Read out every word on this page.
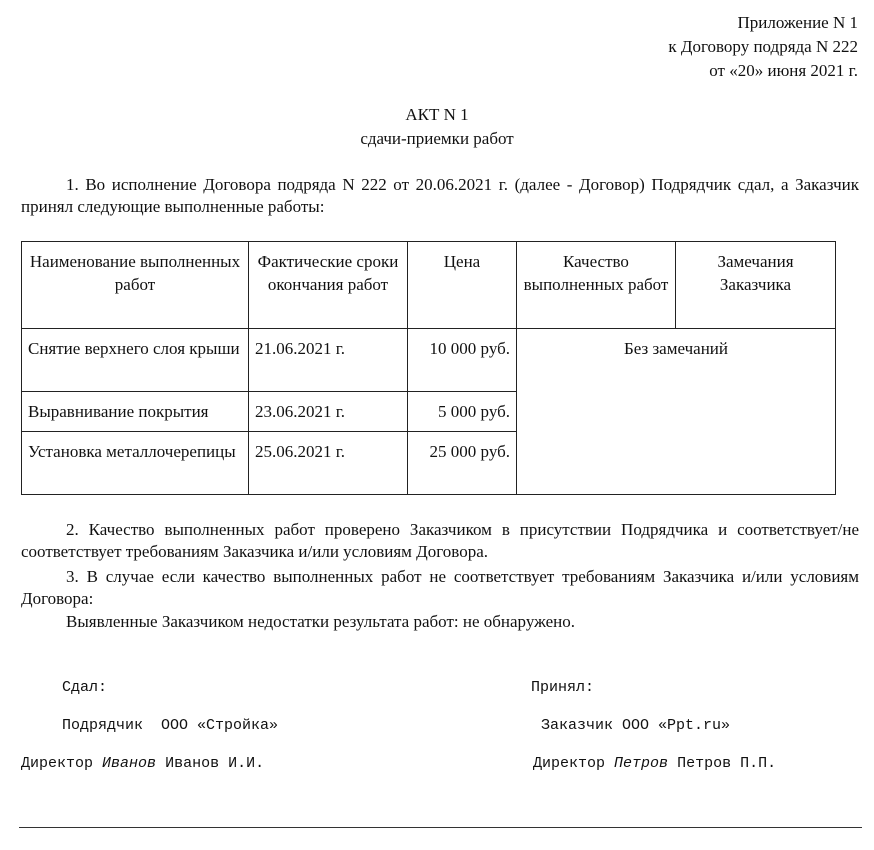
Приложение N 1
к Договору подряда N 222
от «20» июня 2021 г.
АКТ N 1
сдачи-приемки работ
1. Во исполнение Договора подряда N 222 от 20.06.2021 г. (далее - Договор) Подрядчик сдал, а Заказчик принял следующие выполненные работы:
Наименование выполненных работ	Фактические сроки окончания работ	Цена	Качество выполненных работ	Замечания Заказчика
Снятие верхнего слоя крыши	21.06.2021 г.	10 000 руб.	Без замечаний	
Выравнивание покрытия	23.06.2021 г.	5 000 руб.		
Установка металлочерепицы	25.06.2021 г.	25 000 руб.		
2. Качество выполненных работ проверено Заказчиком в присутствии Подрядчика и соответствует/не соответствует требованиям Заказчика и/или условиям Договора.
3. В случае если качество выполненных работ не соответствует требованиям Заказчика и/или условиям Договора:
Выявленные Заказчиком недостатки результата работ: не обнаружено.
Сдал:
Подрядчик  ООО «Стройка»
Директор Иванов Иванов И.И.
Принял:
Заказчик ООО «Ppt.ru»
Директор Петров Петров П.П.
